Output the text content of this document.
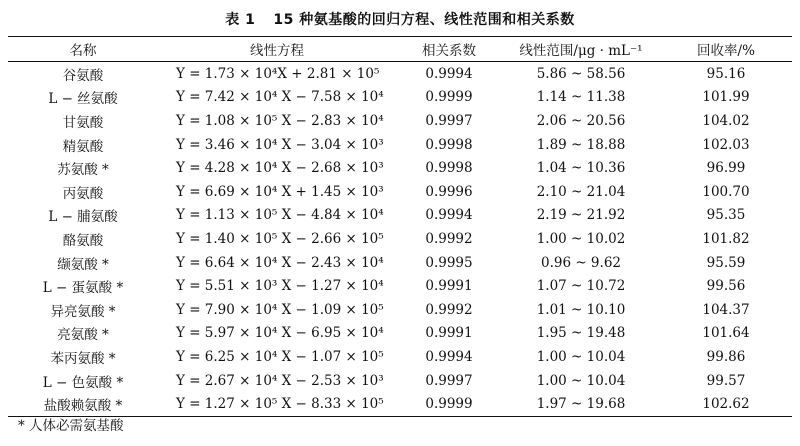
表 1 15 种氨基酸的回归方程、线性范围和相关系数
名称	线性方程	相关系数	线性范围/μg · mL⁻¹	回收率/%
谷氨酸	Y = 1.73 × 10⁴X + 2.81 × 10⁵	0.9994	5.86 ~ 58.56	95.16
L − 丝氨酸	Y = 7.42 × 10⁴ X − 7.58 × 10⁴	0.9999	1.14 ~ 11.38	101.99
甘氨酸	Y = 1.08 × 10⁵ X − 2.83 × 10⁴	0.9997	2.06 ~ 20.56	104.02
精氨酸	Y = 3.46 × 10⁴ X − 3.04 × 10³	0.9998	1.89 ~ 18.88	102.03
苏氨酸 *	Y = 4.28 × 10⁴ X − 2.68 × 10³	0.9998	1.04 ~ 10.36	96.99
丙氨酸	Y = 6.69 × 10⁴ X + 1.45 × 10³	0.9996	2.10 ~ 21.04	100.70
L − 脯氨酸	Y = 1.13 × 10⁵ X − 4.84 × 10⁴	0.9994	2.19 ~ 21.92	95.35
酪氨酸	Y = 1.40 × 10⁵ X − 2.66 × 10⁵	0.9992	1.00 ~ 10.02	101.82
缬氨酸 *	Y = 6.64 × 10⁴ X − 2.43 × 10⁴	0.9995	0.96 ~ 9.62	95.59
L − 蛋氨酸 *	Y = 5.51 × 10³ X − 1.27 × 10⁴	0.9991	1.07 ~ 10.72	99.56
异亮氨酸 *	Y = 7.90 × 10⁴ X − 1.09 × 10⁵	0.9992	1.01 ~ 10.10	104.37
亮氨酸 *	Y = 5.97 × 10⁴ X − 6.95 × 10⁴	0.9991	1.95 ~ 19.48	101.64
苯丙氨酸 *	Y = 6.25 × 10⁴ X − 1.07 × 10⁵	0.9994	1.00 ~ 10.04	99.86
L − 色氨酸 *	Y = 2.67 × 10⁴ X − 2.53 × 10³	0.9997	1.00 ~ 10.04	99.57
盐酸赖氨酸 *	Y = 1.27 × 10⁵ X − 8.33 × 10⁵	0.9999	1.97 ~ 19.68	102.62
* 人体必需氨基酸
